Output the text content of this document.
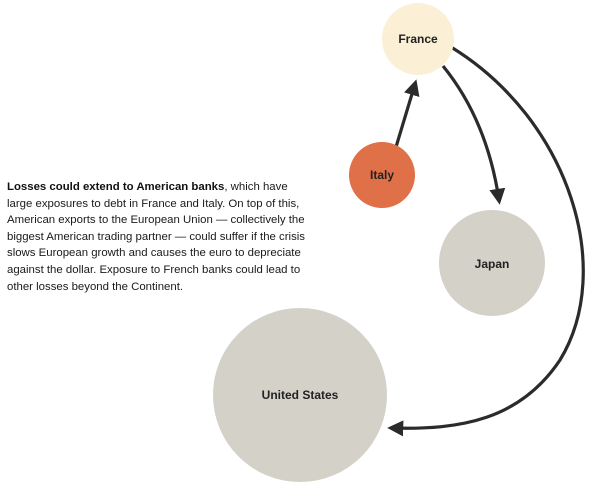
France
Italy
Japan
United States

Losses could extend to American banks, which have large exposures to debt in France and Italy. On top of this, American exports to the European Union — collectively the biggest American trading partner — could suffer if the crisis slows European growth and causes the euro to depreciate against the dollar. Exposure to French banks could lead to other losses beyond the Continent.
